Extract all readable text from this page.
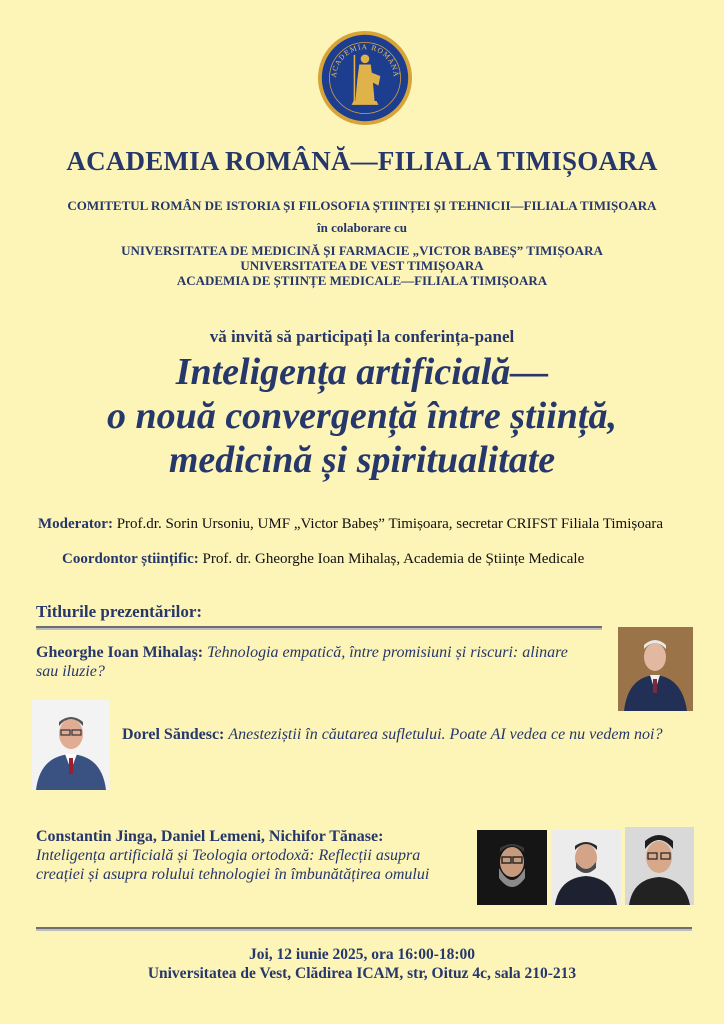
ACADEMIA ROMÂNĂ
ACADEMIA ROMÂNĂ—FILIALA TIMIȘOARA
COMITETUL ROMÂN DE ISTORIA ȘI FILOSOFIA ȘTIINȚEI ȘI TEHNICII—FILIALA TIMIȘOARA
în colaborare cu
UNIVERSITATEA DE MEDICINĂ ȘI FARMACIE „VICTOR BABEȘ” TIMIȘOARA
UNIVERSITATEA DE VEST TIMIȘOARA
ACADEMIA DE ȘTIINȚE MEDICALE—FILIALA TIMIȘOARA
vă invită să participați la conferința-panel
Inteligența artificială—
o nouă convergență între știință,
medicină și spiritualitate
Moderator: Prof.dr. Sorin Ursoniu, UMF „Victor Babeș” Timișoara, secretar CRIFST Filiala Timișoara
Coordontor științific: Prof. dr. Gheorghe Ioan Mihalaș, Academia de Științe Medicale
Titlurile prezentărilor:
Gheorghe Ioan Mihalaș: Tehnologia empatică, între promisiuni și riscuri: alinare sau iluzie?
Dorel Săndesc: Anesteziștii în căutarea sufletului. Poate AI vedea ce nu vedem noi?
Constantin Jinga, Daniel Lemeni, Nichifor Tănase:
Inteligența artificială și Teologia ortodoxă: Reflecții asupra creației și asupra rolului tehnologiei în îmbunătățirea omului
Joi, 12 iunie 2025, ora 16:00-18:00
Universitatea de Vest, Clădirea ICAM, str, Oituz 4c, sala 210-213
